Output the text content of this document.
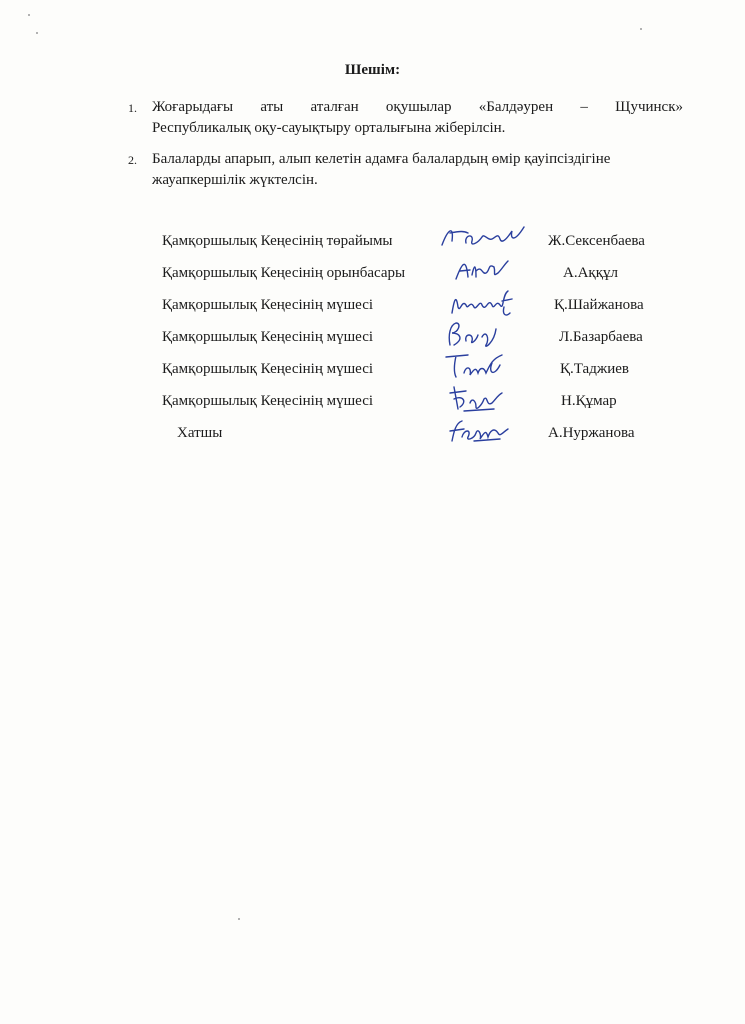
Шешім:
1. Жоғарыдағы аты аталған оқушылар «Балдәурен – Щучинск»
Республикалық оқу-сауықтыру орталығына жіберілсін.
2. Балаларды апарып, алып келетін адамға балалардың өмір қауіпсіздігіне
жауапкершілік жүктелсін.
Қамқоршылық Кеңесінің төрайымы	Ж.Сексенбаева
Қамқоршылық Кеңесінің орынбасары	А.Аққұл
Қамқоршылық Кеңесінің мүшесі	Қ.Шайжанова
Қамқоршылық Кеңесінің мүшесі	Л.Базарбаева
Қамқоршылық Кеңесінің мүшесі	Қ.Таджиев
Қамқоршылық Кеңесінің мүшесі	Н.Құмар
Хатшы	А.Нуржанова
